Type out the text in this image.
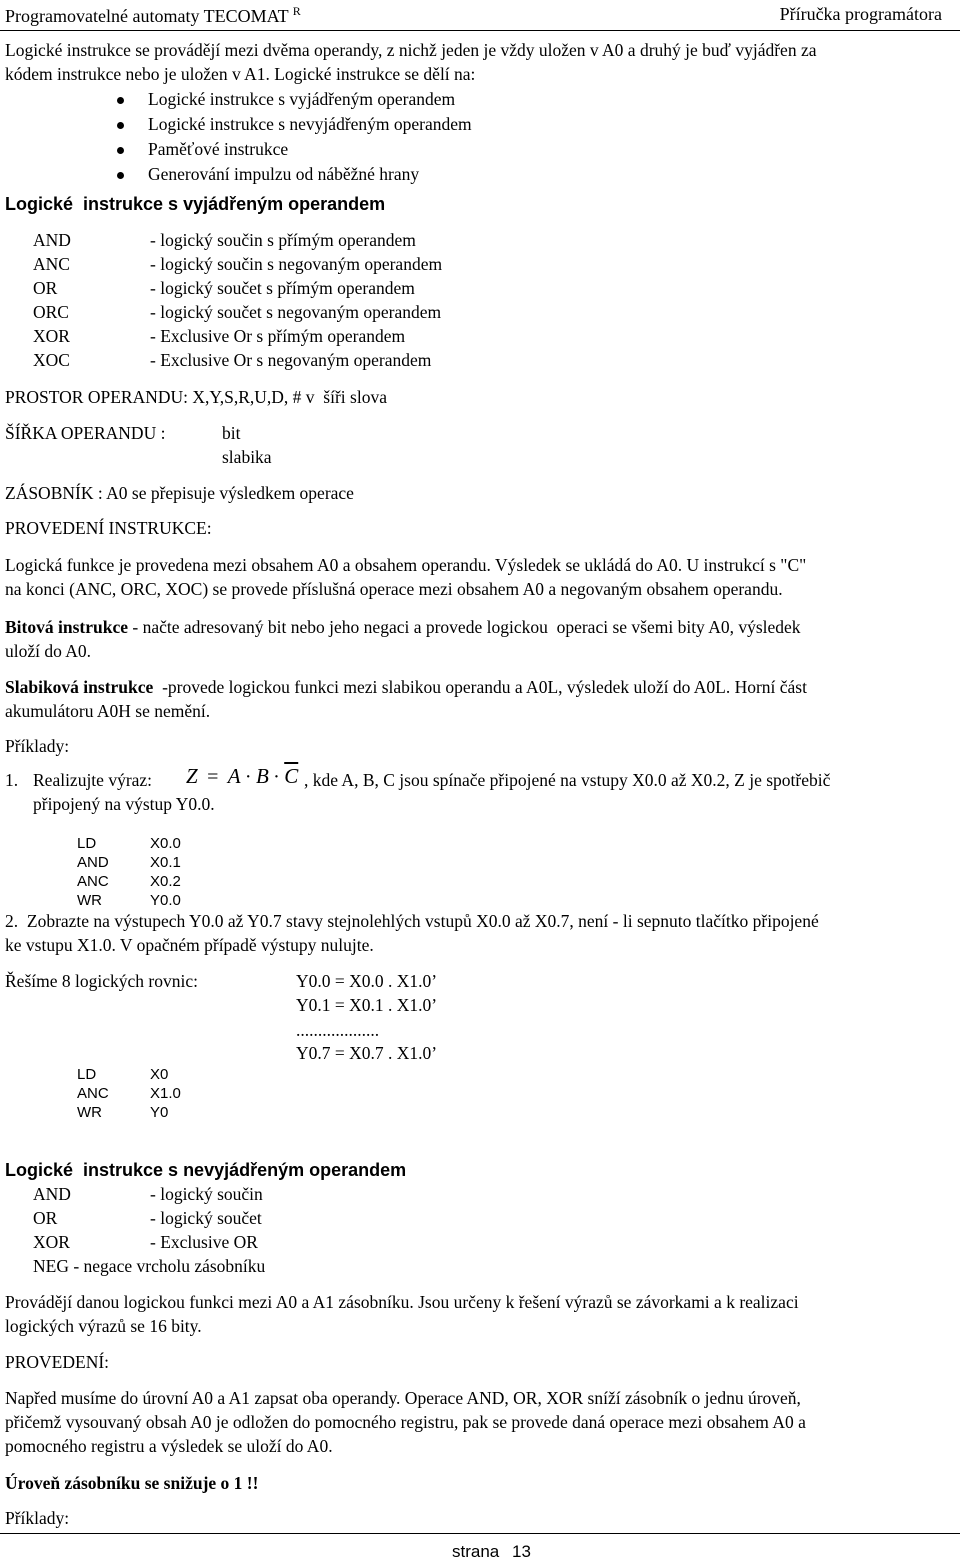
Programovatelné automaty TECOMAT $^R$	Příručka programátora
Logické instrukce se provádějí mezi dvěma operandy, z nichž jeden je vždy uložen v A0 a druhý je buď vyjádřen za
kódem instrukce nebo je uložen v A1. Logické instrukce se dělí na:
Logické instrukce s vyjádřeným operandem
Logické instrukce s nevyjádřeným operandem
Paměťové instrukce
Generování impulzu od náběžné hrany
Logické  instrukce s vyjádřeným operandem
AND	- logický součin s přímým operandem
ANC	- logický součin s negovaným operandem
OR	- logický součet s přímým operandem
ORC	- logický součet s negovaným operandem
XOR	- Exclusive Or s přímým operandem
XOC	- Exclusive Or s negovaným operandem
PROSTOR OPERANDU: X,Y,S,R,U,D, # v  šíři slova
ŠÍŘKA OPERANDU :	bit
slabika
ZÁSOBNÍK : A0 se přepisuje výsledkem operace
PROVEDENÍ INSTRUKCE:
Logická funkce je provedena mezi obsahem A0 a obsahem operandu. Výsledek se ukládá do A0. U instrukcí s "C"
na konci (ANC, ORC, XOC) se provede příslušná operace mezi obsahem A0 a negovaným obsahem operandu.
Bitová instrukce - načte adresovaný bit nebo jeho negaci a provede logickou  operaci se všemi bity A0, výsledek
uloží do A0.
Slabiková instrukce  -provede logickou funkci mezi slabikou operandu a A0L, výsledek uloží do A0L. Horní část
akumulátoru A0H se nemění.
Příklady:
1. Realizujte výraz: $Z = A \cdot B \cdot \overline{C}$ , kde A, B, C jsou spínače připojené na vstupy X0.0 až X0.2, Z je spotřebič
připojený na výstup Y0.0.
LD	X0.0
AND	X0.1
ANC	X0.2
WR	Y0.0
2.  Zobrazte na výstupech Y0.0 až Y0.7 stavy stejnolehlých vstupů X0.0 až X0.7, není - li sepnuto tlačítko připojené
ke vstupu X1.0. V opačném případě výstupy nulujte.
Řešíme 8 logických rovnic:	Y0.0 = X0.0 . X1.0’
Y0.1 = X0.1 . X1.0’
...................
Y0.7 = X0.7 . X1.0’
LD	X0
ANC	X1.0
WR	Y0
Logické  instrukce s nevyjádřeným operandem
AND	- logický součin
OR	- logický součet
XOR	- Exclusive OR
NEG - negace vrcholu zásobníku
Provádějí danou logickou funkci mezi A0 a A1 zásobníku. Jsou určeny k řešení výrazů se závorkami a k realizaci
logických výrazů se 16 bity.
PROVEDENÍ:
Napřed musíme do úrovní A0 a A1 zapsat oba operandy. Operace AND, OR, XOR sníží zásobník o jednu úroveň,
přičemž vysouvaný obsah A0 je odložen do pomocného registru, pak se provede daná operace mezi obsahem A0 a
pomocného registru a výsledek se uloží do A0.
Úroveň zásobníku se snižuje o 1 !!
Příklady:
strana 13
